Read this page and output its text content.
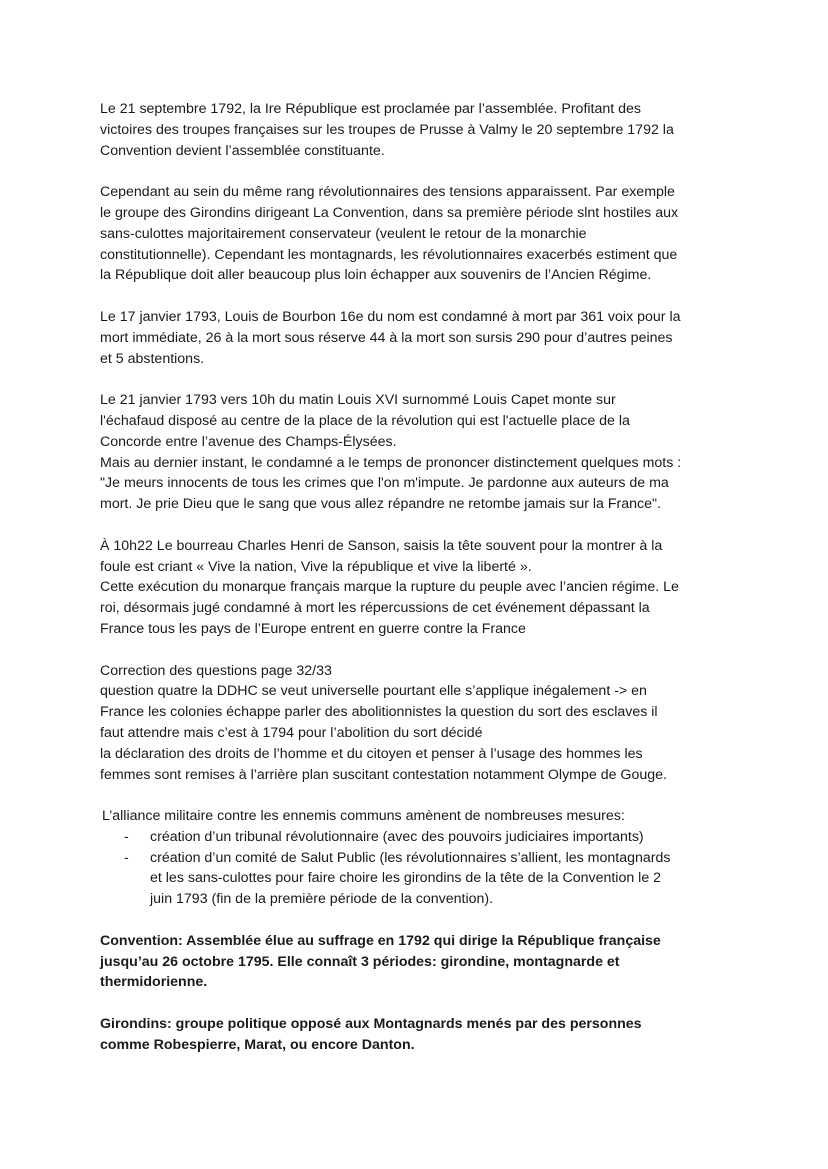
Le 21 septembre 1792, la Ire République est proclamée par l’assemblée. Profitant des
victoires des troupes françaises sur les troupes de Prusse à Valmy le 20 septembre 1792 la
Convention devient l’assemblée constituante.

Cependant au sein du même rang révolutionnaires des tensions apparaissent. Par exemple
le groupe des Girondins dirigeant La Convention, dans sa première période slnt hostiles aux
sans-culottes majoritairement conservateur (veulent le retour de la monarchie
constitutionnelle). Cependant les montagnards, les révolutionnaires exacerbés estiment que
la République doit aller beaucoup plus loin échapper aux souvenirs de l’Ancien Régime.

Le 17 janvier 1793, Louis de Bourbon 16e du nom est condamné à mort par 361 voix pour la
mort immédiate, 26 à la mort sous réserve 44 à la mort son sursis 290 pour d’autres peines
et 5 abstentions.

Le 21 janvier 1793 vers 10h du matin Louis XVI surnommé Louis Capet monte sur
l'échafaud disposé au centre de la place de la révolution qui est l'actuelle place de la
Concorde entre l’avenue des Champs-Élysées.
Mais au dernier instant, le condamné a le temps de prononcer distinctement quelques mots :
"Je meurs innocents de tous les crimes que l'on m'impute. Je pardonne aux auteurs de ma
mort. Je prie Dieu que le sang que vous allez répandre ne retombe jamais sur la France".

À 10h22 Le bourreau Charles Henri de Sanson, saisis la tête souvent pour la montrer à la
foule est criant « Vive la nation, Vive la république et vive la liberté ».
Cette exécution du monarque français marque la rupture du peuple avec l’ancien régime. Le
roi, désormais jugé condamné à mort les répercussions de cet événement dépassant la
France tous les pays de l’Europe entrent en guerre contre la France

Correction des questions page 32/33
question quatre la DDHC se veut universelle pourtant elle s’applique inégalement -> en
France les colonies échappe parler des abolitionnistes la question du sort des esclaves il
faut attendre mais c’est à 1794 pour l’abolition du sort décidé
la déclaration des droits de l’homme et du citoyen et penser à l’usage des hommes les
femmes sont remises à l’arrière plan suscitant contestation notamment Olympe de Gouge.

L’alliance militaire contre les ennemis communs amènent de nombreuses mesures:

- création d’un tribunal révolutionnaire (avec des pouvoirs judiciaires importants)
- création d’un comité de Salut Public (les révolutionnaires s’allient, les montagnards
et les sans-culottes pour faire choire les girondins de la tête de la Convention le 2
juin 1793 (fin de la première période de la convention).

Convention: Assemblée élue au suffrage en 1792 qui dirige la République française
jusqu’au 26 octobre 1795. Elle connaît 3 périodes: girondine, montagnarde et
thermidorienne.

Girondins: groupe politique opposé aux Montagnards menés par des personnes
comme Robespierre, Marat, ou encore Danton.
